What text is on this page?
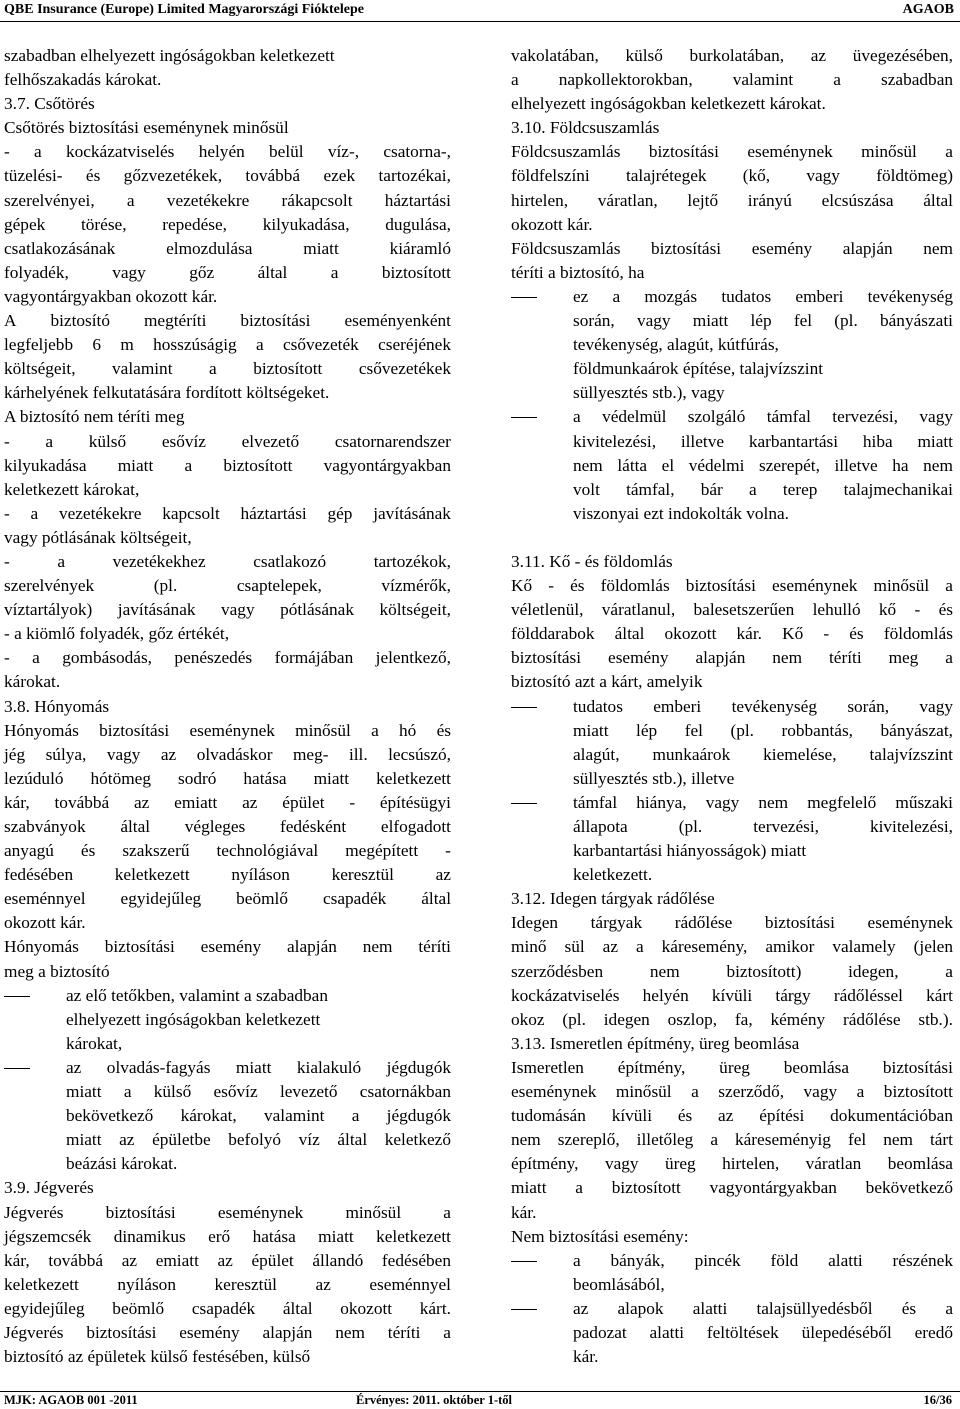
QBE Insurance (Europe) Limited Magyarországi Fióktelepe	AGAOB
szabadban elhelyezett ingóságokban keletkezett
felhőszakadás károkat.
3.7. Csőtörés
Csőtörés biztosítási eseménynek minősül
- a kockázatviselés helyén belül víz-, csatorna-,
tüzelési- és gőzvezetékek, továbbá ezek tartozékai,
szerelvényei, a vezetékekre rákapcsolt háztartási
gépek törése, repedése, kilyukadása, dugulása,
csatlakozásának	elmozdulása	miatt	kiáramló
folyadék,	vagy	gőz	által	a	biztosított
vagyontárgyakban okozott kár.
A biztosító megtéríti biztosítási eseményenként
legfeljebb 6 m hosszúságig a csővezeték cseréjének
költségeit, valamint a biztosított csővezetékek
kárhelyének felkutatására fordított költségeket.
A biztosító nem téríti meg
- a külső esővíz elvezető csatornarendszer
kilyukadása miatt a biztosított vagyontárgyakban
keletkezett károkat,
- a vezetékekre kapcsolt háztartási gép javításának
vagy pótlásának költségeit,
-	a	vezetékekhez	csatlakozó	tartozékok,
szerelvények	(pl.	csaptelepek,	vízmérők,
víztartályok) javításának vagy pótlásának költségeit,
- a kiömlő folyadék, gőz értékét,
- a gombásodás, penészedés formájában jelentkező,
károkat.
3.8. Hónyomás
Hónyomás biztosítási eseménynek minősül a hó és
jég súlya, vagy az olvadáskor meg- ill. lecsúszó,
lezúduló hótömeg sodró hatása miatt keletkezett
kár, továbbá az emiatt az épület - építésügyi
szabványok által végleges fedésként elfogadott
anyagú és szakszerű technológiával megépített -
fedésében keletkezett nyíláson keresztül az
eseménnyel egyidejűleg beömlő csapadék által
okozott kár.
Hónyomás biztosítási esemény alapján nem téríti
meg a biztosító
az elő tetőkben, valamint a szabadban
elhelyezett ingóságokban keletkezett
károkat,
az olvadás-fagyás miatt kialakuló jégdugók
miatt a külső esővíz levezető csatornákban
bekövetkező károkat, valamint a jégdugók
miatt az épületbe befolyó víz által keletkező
beázási károkat.
3.9. Jégverés
Jégverés biztosítási eseménynek minősül a
jégszemcsék dinamikus erő hatása miatt keletkezett
kár, továbbá az emiatt az épület állandó fedésében
keletkezett nyíláson keresztül az eseménnyel
egyidejűleg beömlő csapadék által okozott kárt.
Jégverés biztosítási esemény alapján nem téríti a
biztosító az épületek külső festésében, külső
vakolatában, külső burkolatában, az üvegezésében,
a napkollektorokban, valamint a szabadban
elhelyezett ingóságokban keletkezett károkat.
3.10. Földcsuszamlás
Földcsuszamlás biztosítási eseménynek minősül a
földfelszíni talajrétegek (kő, vagy földtömeg)
hirtelen, váratlan, lejtő irányú elcsúszása által
okozott kár.
Földcsuszamlás biztosítási esemény alapján nem
téríti a biztosító, ha
ez a mozgás tudatos emberi tevékenység
során, vagy miatt lép fel (pl. bányászati
tevékenység, alagút, kútfúrás,
földmunkaárok építése, talajvízszint
süllyesztés stb.), vagy
a védelmül szolgáló támfal tervezési, vagy
kivitelezési, illetve karbantartási hiba miatt
nem látta el védelmi szerepét, illetve ha nem
volt támfal, bár a terep talajmechanikai
viszonyai ezt indokolták volna.
3.11. Kő - és földomlás
Kő - és földomlás biztosítási eseménynek minősül a
véletlenül, váratlanul, balesetszerűen lehulló kő - és
földdarabok által okozott kár. Kő - és földomlás
biztosítási esemény alapján nem téríti meg a
biztosító azt a kárt, amelyik
tudatos emberi tevékenység során, vagy
miatt lép fel (pl. robbantás, bányászat,
alagút, munkaárok kiemelése, talajvízszint
süllyesztés stb.), illetve
támfal hiánya, vagy nem megfelelő műszaki
állapota	(pl.	tervezési,	kivitelezési,
karbantartási hiányosságok) miatt
keletkezett.
3.12. Idegen tárgyak rádőlése
Idegen tárgyak rádőlése biztosítási eseménynek
minő sül az a káresemény, amikor valamely (jelen
szerződésben	nem	biztosított)	idegen,	a
kockázatviselés helyén kívüli tárgy rádőléssel kárt
okoz (pl. idegen oszlop, fa, kémény rádőlése stb.).
3.13. Ismeretlen építmény, üreg beomlása
Ismeretlen építmény, üreg beomlása biztosítási
eseménynek minősül a szerződő, vagy a biztosított
tudomásán kívüli és az építési dokumentációban
nem szereplő, illetőleg a káreseményig fel nem tárt
építmény, vagy üreg hirtelen, váratlan beomlása
miatt a biztosított vagyontárgyakban bekövetkező
kár.
Nem biztosítási esemény:
a bányák, pincék föld alatti részének
beomlásából,
az alapok alatti talajsüllyedésből és a
padozat alatti feltöltések ülepedéséből eredő
kár.
MJK: AGAOB 001 -2011	Érvényes: 2011. október 1-től	16/36
